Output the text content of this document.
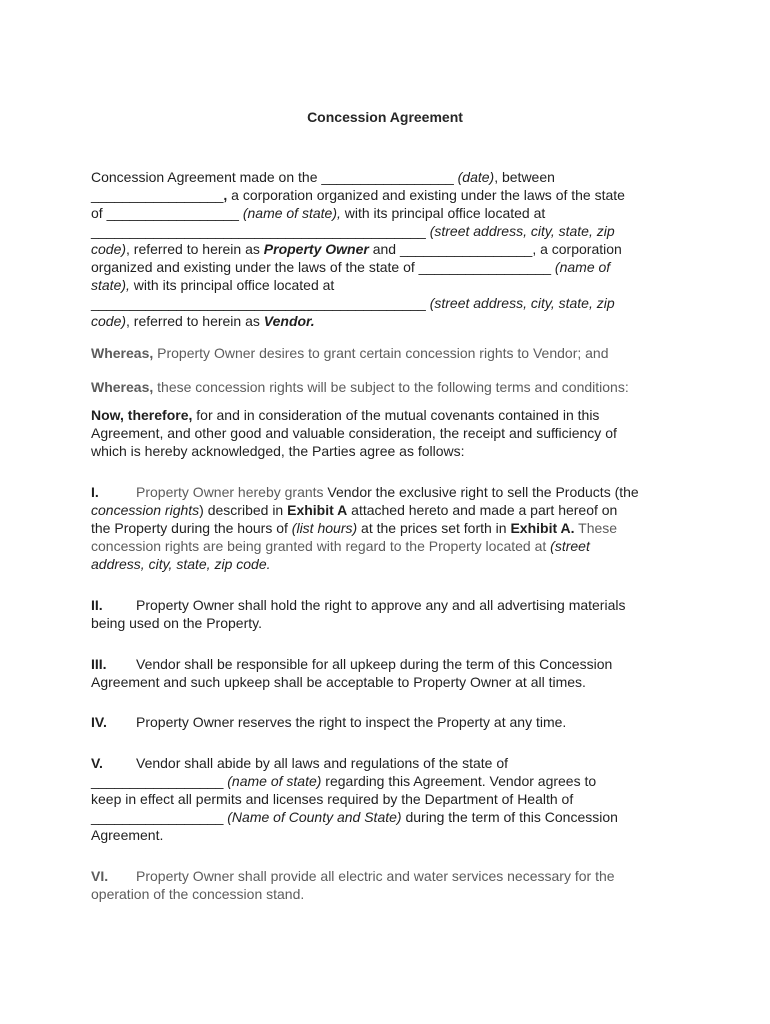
Concession Agreement
Concession Agreement made on the _________________ (date), between
_________________, a corporation organized and existing under the laws of the state
of _________________ (name of state), with its principal office located at
___________________________________________ (street address, city, state, zip
code), referred to herein as Property Owner and _________________, a corporation
organized and existing under the laws of the state of _________________ (name of
state), with its principal office located at
___________________________________________ (street address, city, state, zip
code), referred to herein as Vendor.
Whereas, Property Owner desires to grant certain concession rights to Vendor; and
Whereas, these concession rights will be subject to the following terms and conditions:
Now, therefore, for and in consideration of the mutual covenants contained in this
Agreement, and other good and valuable consideration, the receipt and sufficiency of
which is hereby acknowledged, the Parties agree as follows:
I.	Property Owner hereby grants Vendor the exclusive right to sell the Products (the
concession rights) described in Exhibit A attached hereto and made a part hereof on
the Property during the hours of (list hours) at the prices set forth in Exhibit A. These
concession rights are being granted with regard to the Property located at (street
address, city, state, zip code.
II. Property Owner shall hold the right to approve any and all advertising materials
being used on the Property.
III. Vendor shall be responsible for all upkeep during the term of this Concession
Agreement and such upkeep shall be acceptable to Property Owner at all times.
IV. Property Owner reserves the right to inspect the Property at any time.
V. Vendor shall abide by all laws and regulations of the state of
_________________ (name of state) regarding this Agreement. Vendor agrees to
keep in effect all permits and licenses required by the Department of Health of
_________________ (Name of County and State) during the term of this Concession
Agreement.
VI. Property Owner shall provide all electric and water services necessary for the
operation of the concession stand.
